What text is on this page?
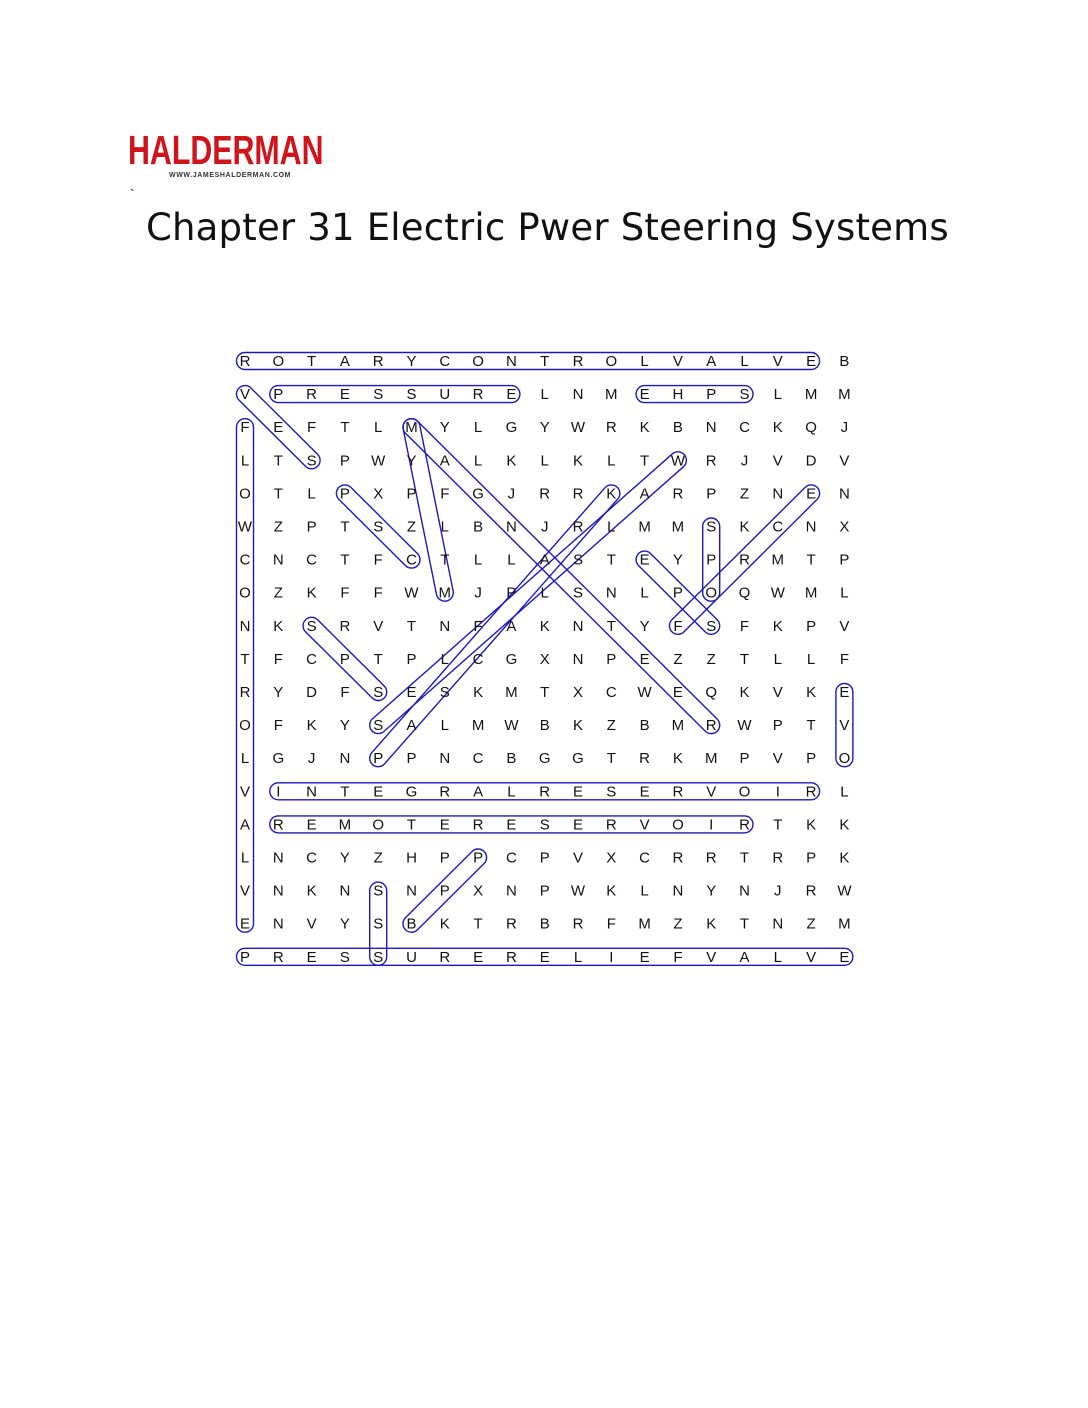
HALDERMAN
WWW.JAMESHALDERMAN.COM
`
Chapter 31 Electric Pwer Steering Systems
R O T A R Y C O N T R O L V A L V E B
V P R E S S U R E L N M E H P S L M M
F E F T L M Y L G Y W R K B N C K Q J
L T S P W Y A L K L K L T W R J V D V
O T L P X P F G J R R K A R P Z N E N
W Z P T S Z L B N J R L M M S K C N X
C N C T F C T L L A S T E Y P R M T P
O Z K F F W M J P L S N L P O Q W M L
N K S R V T N F A K N T Y F S F K P V
T F C P T P L C G X N P E Z Z T L L F
R Y D F S E S K M T X C W E Q K V K E
O F K Y S A L M W B K Z B M R W P T V
L G J N P P N C B G G T R K M P V P O
V I N T E G R A L R E S E R V O I R L
A R E M O T E R E S E R V O I R T K K
L N C Y Z H P P C P V X C R R T R P K
V N K N S N P X N P W K L N Y N J R W
E N V Y S B K T R B R F M Z K T N Z M
P R E S S U R E R E L I E F V A L V E
